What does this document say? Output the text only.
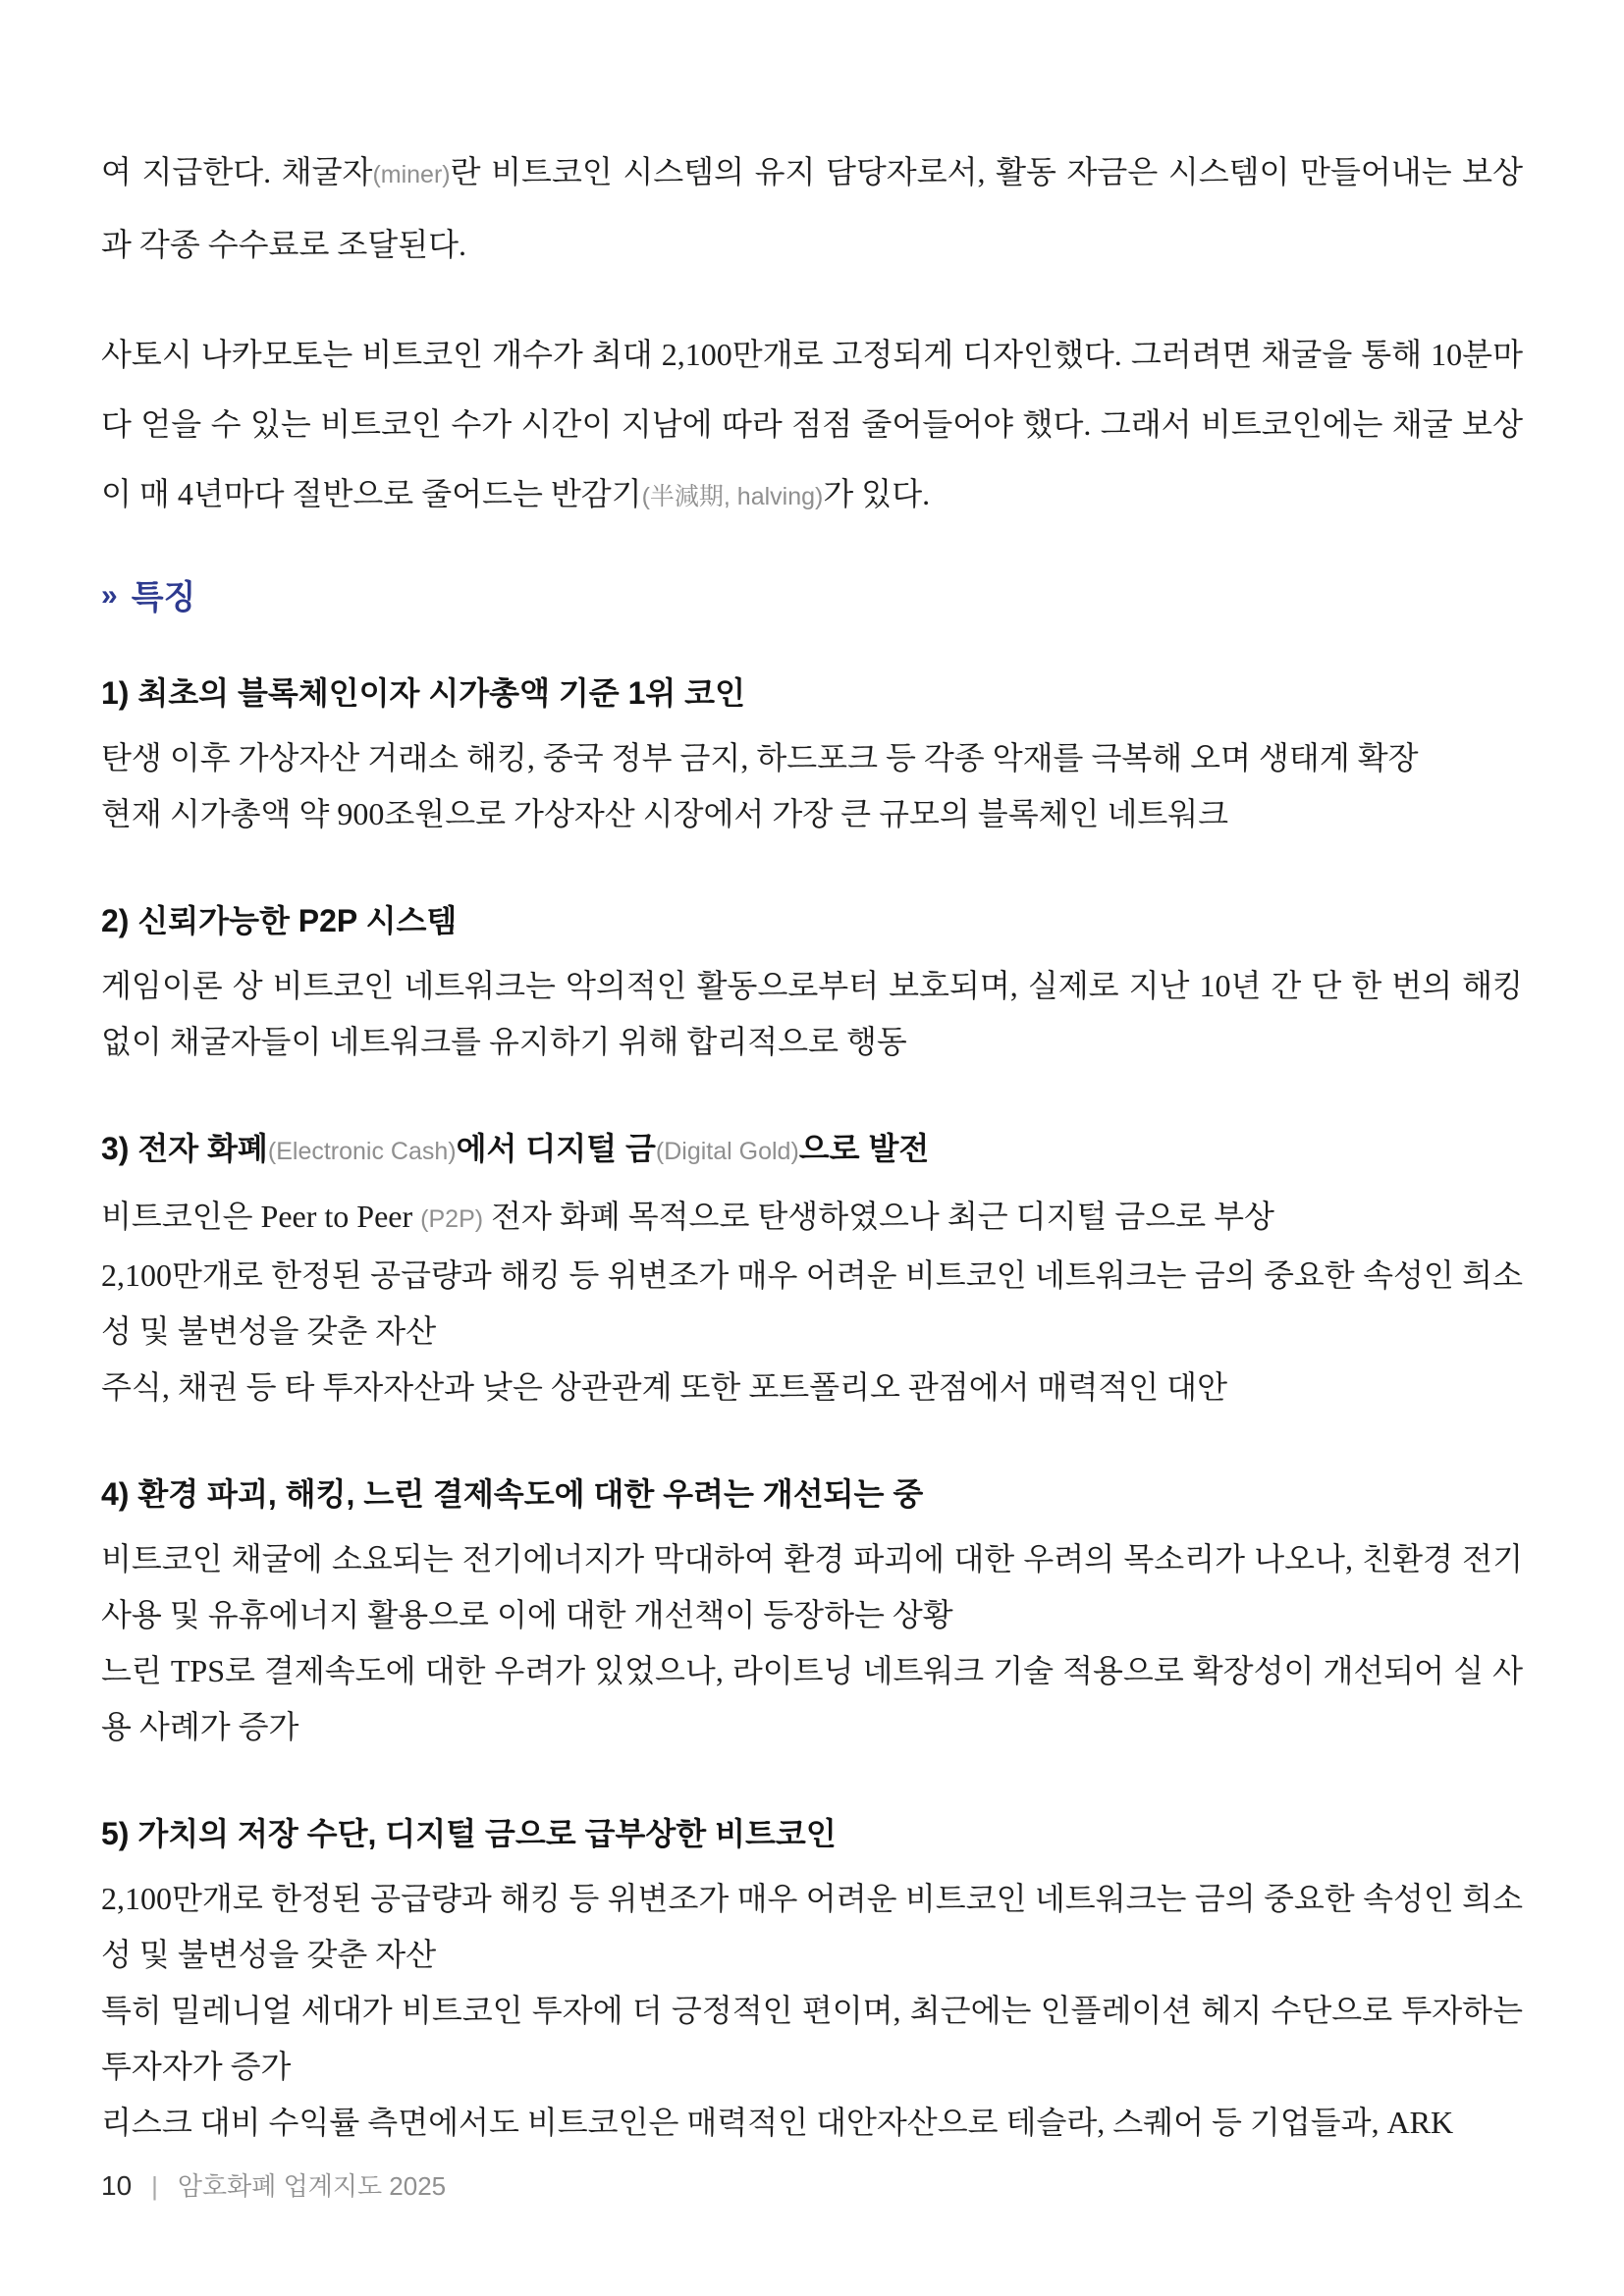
여 지급한다. 채굴자(miner)란 비트코인 시스템의 유지 담당자로서, 활동 자금은 시스템이 만들어내는 보상과 각종 수수료로 조달된다.

사토시 나카모토는 비트코인 개수가 최대 2,100만개로 고정되게 디자인했다. 그러려면 채굴을 통해 10분마다 얻을 수 있는 비트코인 수가 시간이 지남에 따라 점점 줄어들어야 했다. 그래서 비트코인에는 채굴 보상이 매 4년마다 절반으로 줄어드는 반감기(半減期, halving)가 있다.

» 특징
1) 최초의 블록체인이자 시가총액 기준 1위 코인

탄생 이후 가상자산 거래소 해킹, 중국 정부 금지, 하드포크 등 각종 악재를 극복해 오며 생태계 확장

현재 시가총액 약 900조원으로 가상자산 시장에서 가장 큰 규모의 블록체인 네트워크

2) 신뢰가능한 P2P 시스템

게임이론 상 비트코인 네트워크는 악의적인 활동으로부터 보호되며, 실제로 지난 10년 간 단 한 번의 해킹 없이 채굴자들이 네트워크를 유지하기 위해 합리적으로 행동

3) 전자 화폐(Electronic Cash)에서 디지털 금(Digital Gold)으로 발전

비트코인은 Peer to Peer (P2P) 전자 화폐 목적으로 탄생하였으나 최근 디지털 금으로 부상

2,100만개로 한정된 공급량과 해킹 등 위변조가 매우 어려운 비트코인 네트워크는 금의 중요한 속성인 희소성 및 불변성을 갖춘 자산

주식, 채권 등 타 투자자산과 낮은 상관관계 또한 포트폴리오 관점에서 매력적인 대안

4) 환경 파괴, 해킹, 느린 결제속도에 대한 우려는 개선되는 중

비트코인 채굴에 소요되는 전기에너지가 막대하여 환경 파괴에 대한 우려의 목소리가 나오나, 친환경 전기 사용 및 유휴에너지 활용으로 이에 대한 개선책이 등장하는 상황

느린 TPS로 결제속도에 대한 우려가 있었으나, 라이트닝 네트워크 기술 적용으로 확장성이 개선되어 실 사용 사례가 증가

5) 가치의 저장 수단, 디지털 금으로 급부상한 비트코인

2,100만개로 한정된 공급량과 해킹 등 위변조가 매우 어려운 비트코인 네트워크는 금의 중요한 속성인 희소성 및 불변성을 갖춘 자산

특히 밀레니얼 세대가 비트코인 투자에 더 긍정적인 편이며, 최근에는 인플레이션 헤지 수단으로 투자하는 투자자가 증가

리스크 대비 수익률 측면에서도 비트코인은 매력적인 대안자산으로 테슬라, 스퀘어 등 기업들과, ARK

10 | 암호화폐 업계지도 2025
